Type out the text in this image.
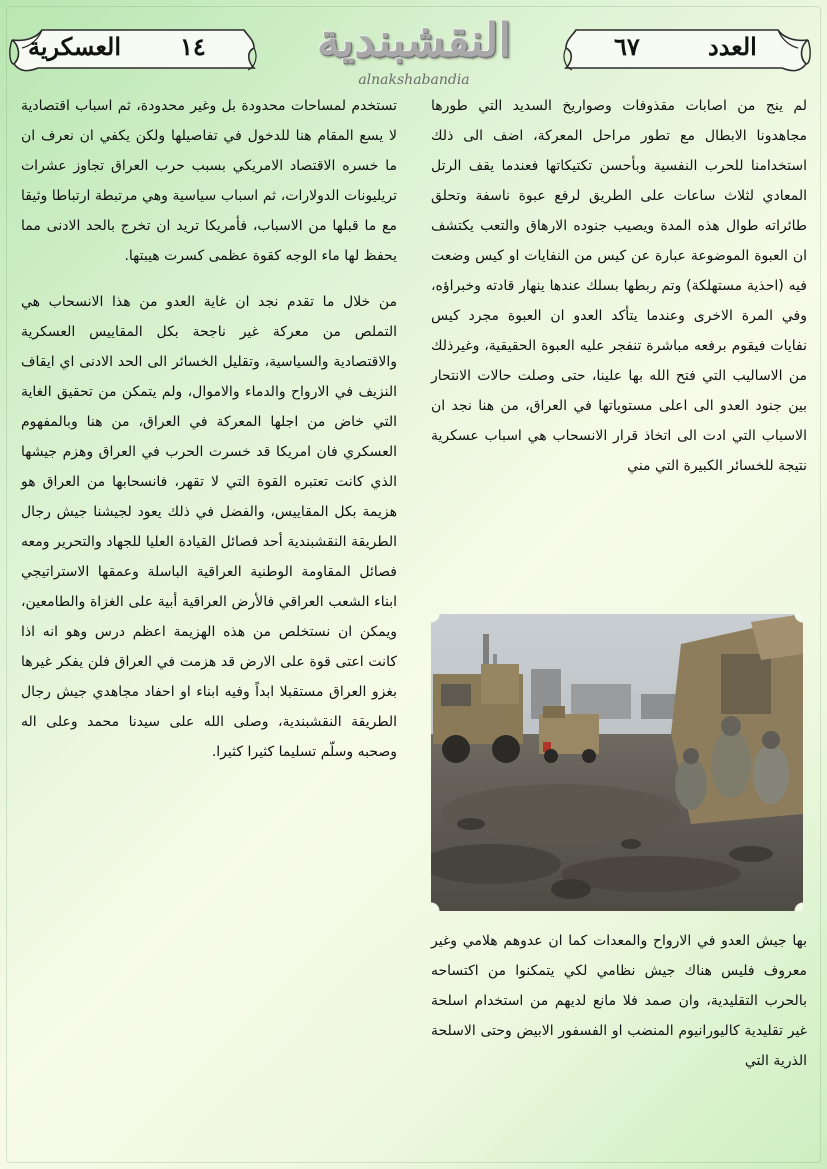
العسكرية ١٤	النقشبندية
alnakshabandia
٦٧	العدد

لم ينج من اصابات مقذوفات وصواريخ السديد التي طورها مجاهدونا الابطال مع تطور مراحل المعركة، اضف الى ذلك استخدامنا للحرب النفسية وبأحسن تكتيكاتها فعندما يقف الرتل المعادي لثلاث ساعات على الطريق لرفع عبوة ناسفة وتحلق طائراته طوال هذه المدة ويصيب جنوده الارهاق والتعب يكتشف ان العبوة الموضوعة عبارة عن كيس من النفايات او كيس وضعت فيه (احذية مستهلكة) وتم ربطها بسلك عندها ينهار قادته وخبراؤه، وفي المرة الاخرى وعندما يتأكد العدو ان العبوة مجرد كيس نفايات فيقوم برفعه مباشرة تنفجر عليه العبوة الحقيقية، وغيرذلك من الاساليب التي فتح الله بها علينا، حتى وصلت حالات الانتحار بين جنود العدو الى اعلى مستوياتها في العراق، من هنا نجد ان الاسباب التي ادت الى اتخاذ قرار الانسحاب هي اسباب عسكرية نتيجة للخسائر الكبيرة التي مني

بها جيش العدو في الارواح والمعدات كما ان عدوهم هلامي وغير معروف فليس هناك جيش نظامي لكي يتمكنوا من اكتساحه بالحرب التقليدية، وان صمد فلا مانع لديهم من استخدام اسلحة غير تقليدية كاليورانيوم المنضب او الفسفور الابيض وحتى الاسلحة الذرية التي

تستخدم لمساحات محدودة بل وغير محدودة، ثم اسباب اقتصادية لا يسع المقام هنا للدخول في تفاصيلها ولكن يكفي ان نعرف ان ما خسره الاقتصاد الامريكي بسبب حرب العراق تجاوز عشرات تريليونات الدولارات، ثم اسباب سياسية وهي مرتبطة ارتباطا وثيقا مع ما قبلها من الاسباب، فأمريكا تريد ان تخرج بالحد الادنى مما يحفظ لها ماء الوجه كقوة عظمى كسرت هيبتها.

من خلال ما تقدم نجد ان غاية العدو من هذا الانسحاب هي التملص من معركة غير ناجحة بكل المقاييس العسكرية والاقتصادية والسياسية، وتقليل الخسائر الى الحد الادنى اي ايقاف النزيف في الارواح والدماء والاموال، ولم يتمكن من تحقيق الغاية التي خاض من اجلها المعركة في العراق، من هنا وبالمفهوم العسكري فان امريكا قد خسرت الحرب في العراق وهزم جيشها الذي كانت تعتبره القوة التي لا تقهر، فانسحابها من العراق هو هزيمة بكل المقاييس، والفضل في ذلك يعود لجيشنا جيش رجال الطريقة النقشبندية أحد فصائل القيادة العليا للجهاد والتحرير ومعه فصائل المقاومة الوطنية العراقية الباسلة وعمقها الاستراتيجي ابناء الشعب العراقي فالأرض العراقية أبية على الغزاة والطامعين، ويمكن ان نستخلص من هذه الهزيمة اعظم درس وهو انه اذا كانت اعتى قوة على الارض قد هزمت في العراق فلن يفكر غيرها بغزو العراق مستقبلا ابداً وفيه ابناء او احفاد مجاهدي جيش رجال الطريقة النقشبندية، وصلى الله على سيدنا محمد وعلى اله وصحبه وسلّم تسليما كثيرا كثيرا.
